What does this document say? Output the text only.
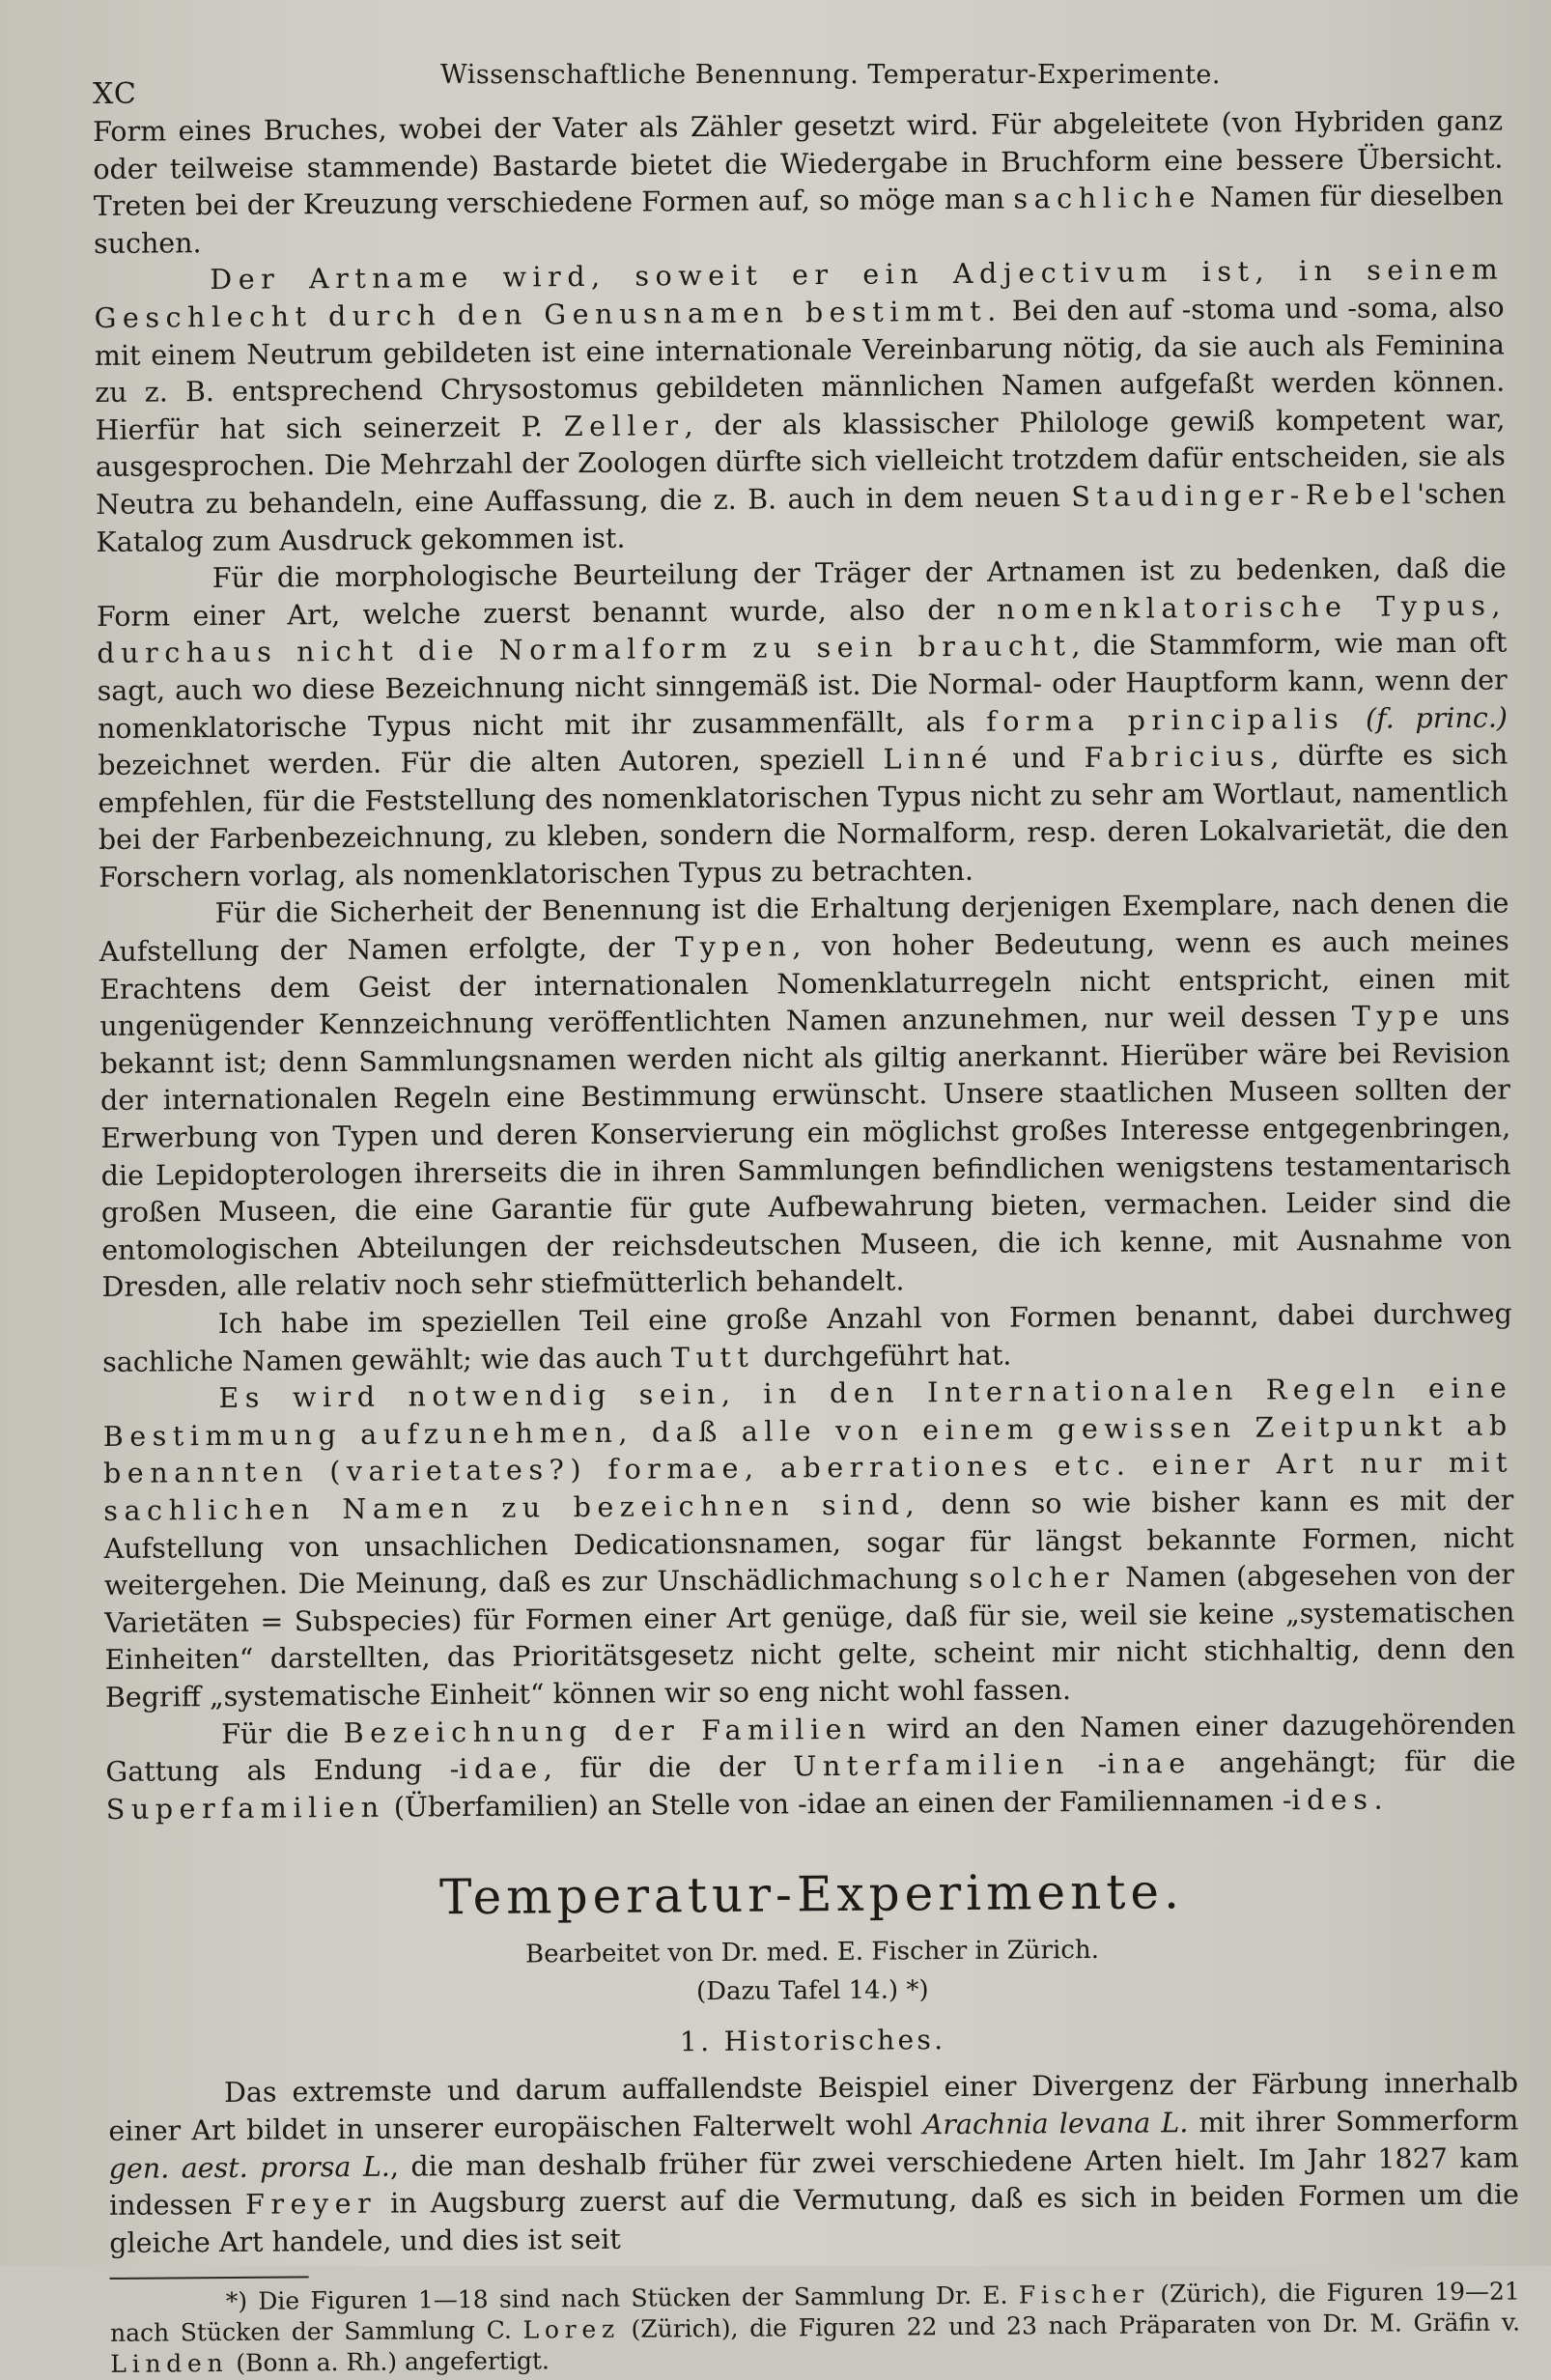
XC
Wissenschaftliche Benennung. Temperatur-Experimente.

Form eines Bruches, wobei der Vater als Zähler gesetzt wird. Für abgeleitete (von Hybriden ganz oder teilweise stammende) Bastarde bietet die Wiedergabe in Bruchform eine bessere Übersicht. Treten bei der Kreuzung verschiedene Formen auf, so möge man sachliche Namen für dieselben suchen.

Der Artname wird, soweit er ein Adjectivum ist, in seinem Geschlecht durch den Genusnamen bestimmt. Bei den auf -stoma und -soma, also mit einem Neutrum gebildeten ist eine internationale Vereinbarung nötig, da sie auch als Feminina zu z. B. entsprechend Chrysostomus gebildeten männlichen Namen aufgefaßt werden können. Hierfür hat sich seinerzeit P. Zeller, der als klassischer Philologe gewiß kompetent war, ausgesprochen. Die Mehrzahl der Zoologen dürfte sich vielleicht trotzdem dafür entscheiden, sie als Neutra zu behandeln, eine Auffassung, die z. B. auch in dem neuen Staudinger-Rebel'schen Katalog zum Ausdruck gekommen ist.

Für die morphologische Beurteilung der Träger der Artnamen ist zu bedenken, daß die Form einer Art, welche zuerst benannt wurde, also der nomenklatorische Typus, durchaus nicht die Normalform zu sein braucht, die Stammform, wie man oft sagt, auch wo diese Bezeichnung nicht sinngemäß ist. Die Normal- oder Hauptform kann, wenn der nomenklatorische Typus nicht mit ihr zusammenfällt, als forma principalis (f. princ.) bezeichnet werden. Für die alten Autoren, speziell Linné und Fabricius, dürfte es sich empfehlen, für die Feststellung des nomenklatorischen Typus nicht zu sehr am Wortlaut, namentlich bei der Farbenbezeichnung, zu kleben, sondern die Normalform, resp. deren Lokalvarietät, die den Forschern vorlag, als nomenklatorischen Typus zu betrachten.

Für die Sicherheit der Benennung ist die Erhaltung derjenigen Exemplare, nach denen die Aufstellung der Namen erfolgte, der Typen, von hoher Bedeutung, wenn es auch meines Erachtens dem Geist der internationalen Nomenklaturregeln nicht entspricht, einen mit ungenügender Kennzeichnung veröffentlichten Namen anzunehmen, nur weil dessen Type uns bekannt ist; denn Sammlungsnamen werden nicht als giltig anerkannt. Hierüber wäre bei Revision der internationalen Regeln eine Bestimmung erwünscht. Unsere staatlichen Museen sollten der Erwerbung von Typen und deren Konservierung ein möglichst großes Interesse entgegenbringen, die Lepidopterologen ihrerseits die in ihren Sammlungen befindlichen wenigstens testamentarisch großen Museen, die eine Garantie für gute Aufbewahrung bieten, vermachen. Leider sind die entomologischen Abteilungen der reichsdeutschen Museen, die ich kenne, mit Ausnahme von Dresden, alle relativ noch sehr stiefmütterlich behandelt.

Ich habe im speziellen Teil eine große Anzahl von Formen benannt, dabei durchweg sachliche Namen gewählt; wie das auch Tutt durchgeführt hat.

Es wird notwendig sein, in den Internationalen Regeln eine Bestimmung aufzunehmen, daß alle von einem gewissen Zeitpunkt ab benannten (varietates?) formae, aberrationes etc. einer Art nur mit sachlichen Namen zu bezeichnen sind, denn so wie bisher kann es mit der Aufstellung von unsachlichen Dedicationsnamen, sogar für längst bekannte Formen, nicht weitergehen. Die Meinung, daß es zur Unschädlichmachung solcher Namen (abgesehen von der Varietäten = Subspecies) für Formen einer Art genüge, daß für sie, weil sie keine „systematischen Einheiten“ darstellten, das Prioritätsgesetz nicht gelte, scheint mir nicht stichhaltig, denn den Begriff „systematische Einheit“ können wir so eng nicht wohl fassen.

Für die Bezeichnung der Familien wird an den Namen einer dazugehörenden Gattung als Endung -idae, für die der Unterfamilien -inae angehängt; für die Superfamilien (Überfamilien) an Stelle von -idae an einen der Familiennamen -ides.

Temperatur-Experimente.
Bearbeitet von Dr. med. E. Fischer in Zürich.
(Dazu Tafel 14.) *)
1. Historisches.

Das extremste und darum auffallendste Beispiel einer Divergenz der Färbung innerhalb einer Art bildet in unserer europäischen Falterwelt wohl Arachnia levana L. mit ihrer Sommerform gen. aest. prorsa L., die man deshalb früher für zwei verschiedene Arten hielt. Im Jahr 1827 kam indessen Freyer in Augsburg zuerst auf die Vermutung, daß es sich in beiden Formen um die gleiche Art handele, und dies ist seit

*) Die Figuren 1—18 sind nach Stücken der Sammlung Dr. E. Fischer (Zürich), die Figuren 19—21 nach Stücken der Sammlung C. Lorez (Zürich), die Figuren 22 und 23 nach Präparaten von Dr. M. Gräfin v. Linden (Bonn a. Rh.) angefertigt.
